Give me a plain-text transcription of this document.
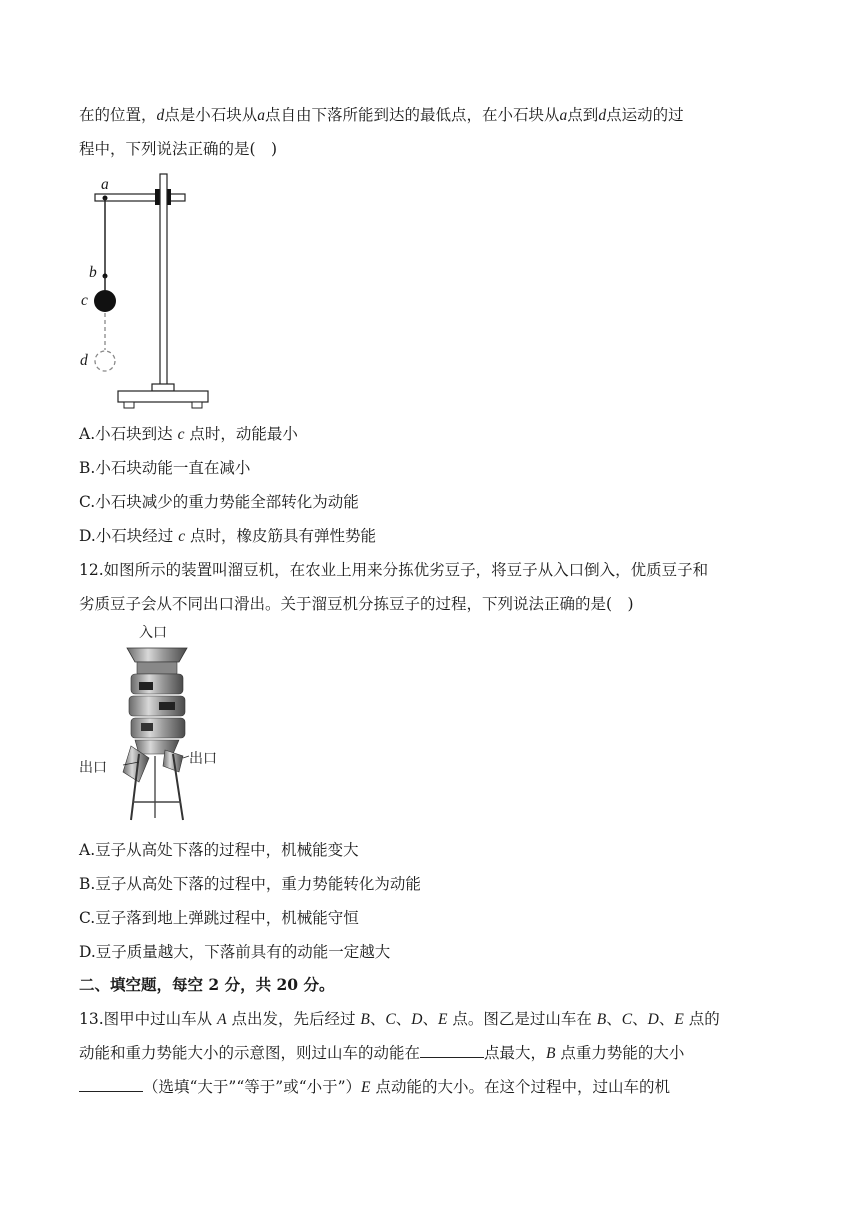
在的位置，d点是小石块从a点自由下落所能到达的最低点，在小石块从a点到d点运动的过
程中，下列说法正确的是(　)
a
b
c
d
A.小石块到达 c 点时，动能最小
B.小石块动能一直在减小
C.小石块减少的重力势能全部转化为动能
D.小石块经过 c 点时，橡皮筋具有弹性势能
12.如图所示的装置叫溜豆机，在农业上用来分拣优劣豆子，将豆子从入口倒入，优质豆子和
劣质豆子会从不同出口滑出。关于溜豆机分拣豆子的过程，下列说法正确的是(　)
入口
出口
出口
A.豆子从高处下落的过程中，机械能变大
B.豆子从高处下落的过程中，重力势能转化为动能
C.豆子落到地上弹跳过程中，机械能守恒
D.豆子质量越大，下落前具有的动能一定越大
二、填空题，每空 2 分，共 20 分。
13.图甲中过山车从 A 点出发，先后经过 B、C、D、E 点。图乙是过山车在 B、C、D、E 点的
动能和重力势能大小的示意图，则过山车的动能在	点最大，B 点重力势能的大小
（选填“大于”“等于”或“小于”）E 点动能的大小。在这个过程中，过山车的机
